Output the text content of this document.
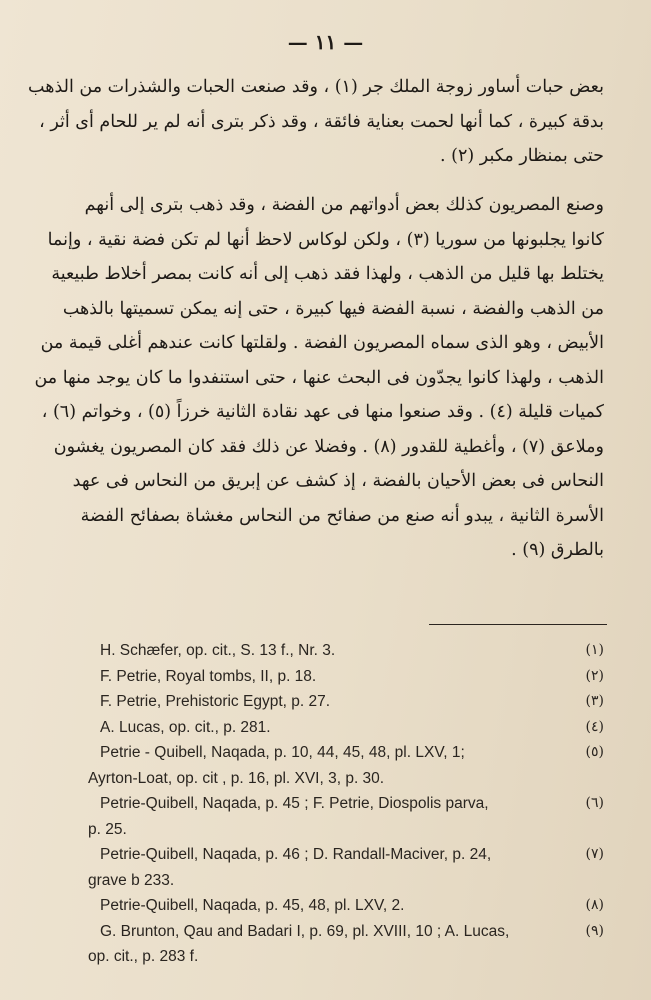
— ١١ —
بعض حبات أساور زوجة الملك جر (١) ، وقد صنعت الحبات والشذرات من الذهب
بدقة كبيرة ، كما أنها لحمت بعناية فائقة ، وقد ذكر بترى أنه لم ير للحام أى أثر ،
حتى بمنظار مكبر (٢) .
وصنع المصريون كذلك بعض أدواتهم من الفضة ، وقد ذهب بترى إلى أنهم
كانوا يجلبونها من سوريا (٣) ، ولكن لوكاس لاحظ أنها لم تكن فضة نقية ، وإنما
يختلط بها قليل من الذهب ، ولهذا فقد ذهب إلى أنه كانت بمصر أخلاط طبيعية
من الذهب والفضة ، نسبة الفضة فيها كبيرة ، حتى إنه يمكن تسميتها بالذهب
الأبيض ، وهو الذى سماه المصريون الفضة . ولقلتها كانت عندهم أغلى قيمة من
الذهب ، ولهذا كانوا يجدّون فى البحث عنها ، حتى استنفدوا ما كان يوجد منها من
كميات قليلة (٤) . وقد صنعوا منها فى عهد نقادة الثانية خرزاً (٥) ، وخواتم (٦) ،
وملاعق (٧) ، وأغطية للقدور (٨) . وفضلا عن ذلك فقد كان المصريون يغشون
النحاس فى بعض الأحيان بالفضة ، إذ كشف عن إبريق من النحاس فى عهد
الأسرة الثانية ، يبدو أنه صنع من صفائح من النحاس مغشاة بصفائح الفضة
بالطرق (٩) .
H. Schæfer, op. cit., S. 13 f., Nr. 3.	(١)
F. Petrie, Royal tombs, II, p. 18.	(٢)
F. Petrie, Prehistoric Egypt, p. 27.	(٣)
A. Lucas, op. cit., p. 281.	(٤)
Petrie - Quibell, Naqada, p. 10, 44, 45, 48, pl. LXV, 1;	(٥)
Ayrton-Loat, op. cit , p. 16, pl. XVI, 3, p. 30.
Petrie-Quibell, Naqada, p. 45 ; F. Petrie, Diospolis parva,	(٦)
p. 25.
Petrie-Quibell, Naqada, p. 46 ; D. Randall-Maciver, p. 24,	(٧)
grave b 233.
Petrie-Quibell, Naqada, p. 45, 48, pl. LXV, 2.	(٨)
G. Brunton, Qau and Badari I, p. 69, pl. XVIII, 10 ; A. Lucas,	(٩)
op. cit., p. 283 f.
